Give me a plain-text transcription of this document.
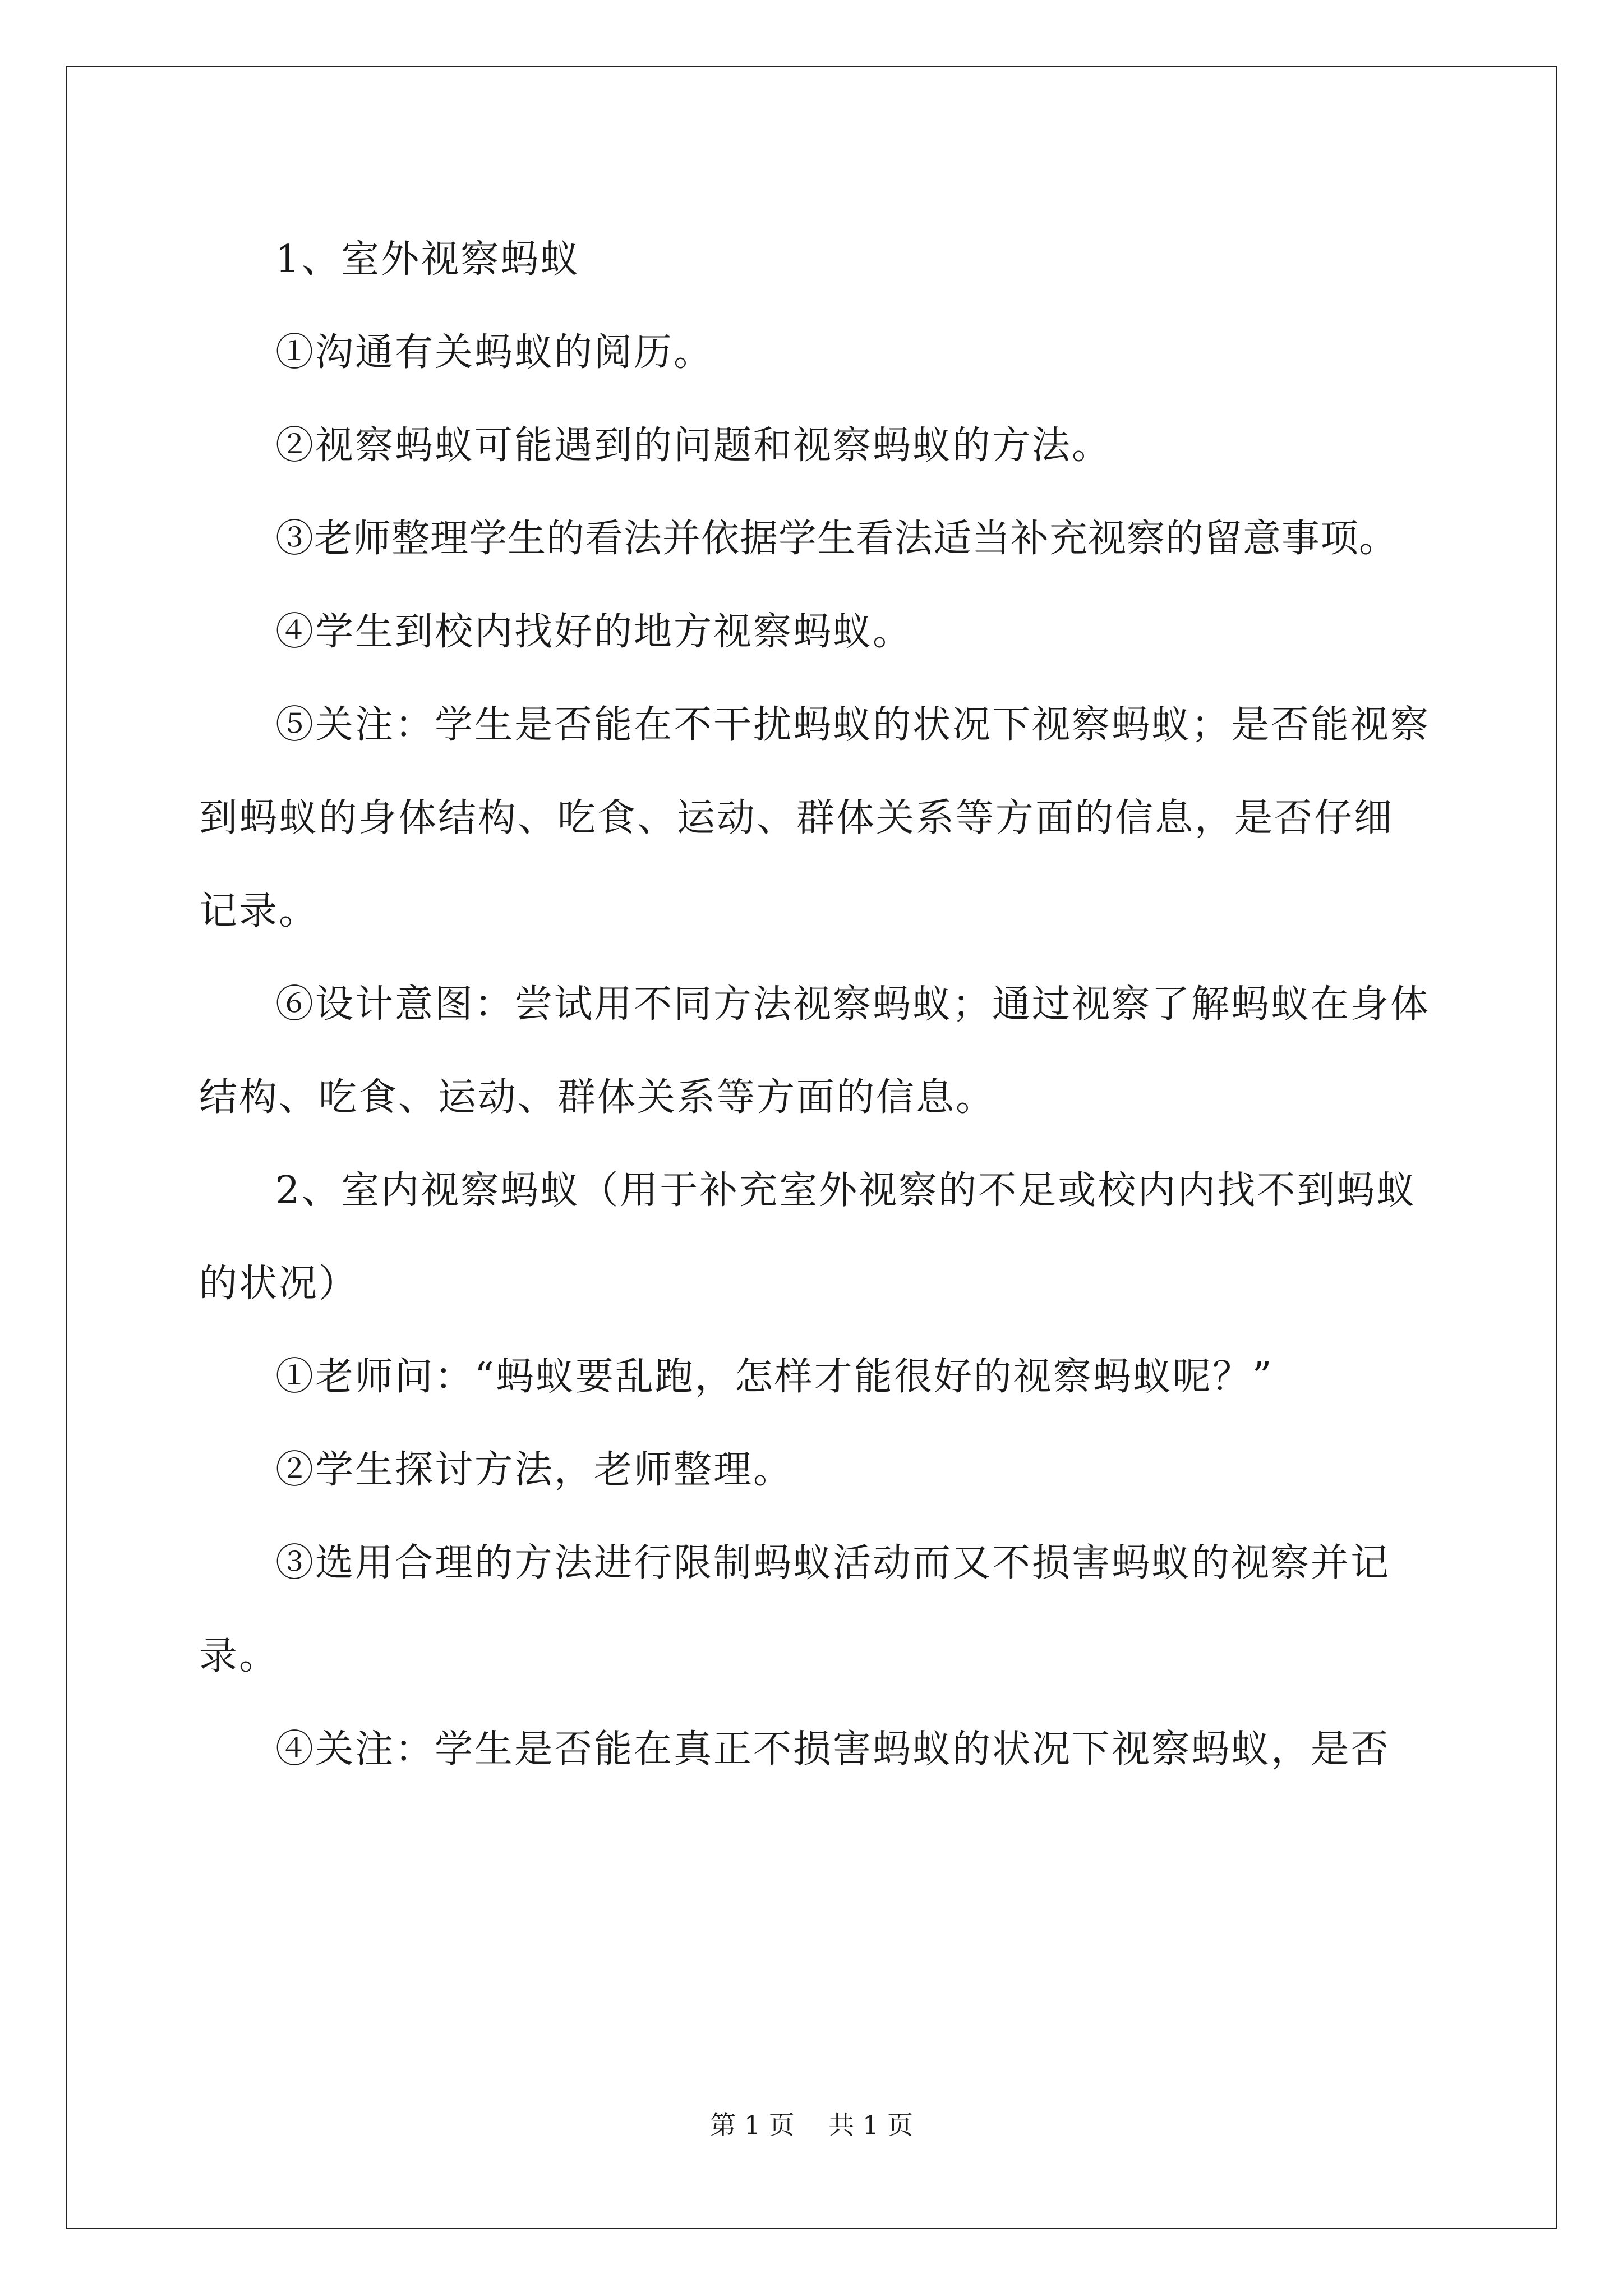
1、室外视察蚂蚁

①沟通有关蚂蚁的阅历。

②视察蚂蚁可能遇到的问题和视察蚂蚁的方法。

③老师整理学生的看法并依据学生看法适当补充视察的留意事项。

④学生到校内找好的地方视察蚂蚁。

⑤关注：学生是否能在不干扰蚂蚁的状况下视察蚂蚁；是否能视察到蚂蚁的身体结构、吃食、运动、群体关系等方面的信息，是否仔细记录。

⑥设计意图：尝试用不同方法视察蚂蚁；通过视察了解蚂蚁在身体结构、吃食、运动、群体关系等方面的信息。

2、室内视察蚂蚁（用于补充室外视察的不足或校内内找不到蚂蚁的状况）

①老师问：“蚂蚁要乱跑，怎样才能很好的视察蚂蚁呢？”

②学生探讨方法，老师整理。

③选用合理的方法进行限制蚂蚁活动而又不损害蚂蚁的视察并记录。

④关注：学生是否能在真正不损害蚂蚁的状况下视察蚂蚁，是否

第 1 页　 共 1 页
